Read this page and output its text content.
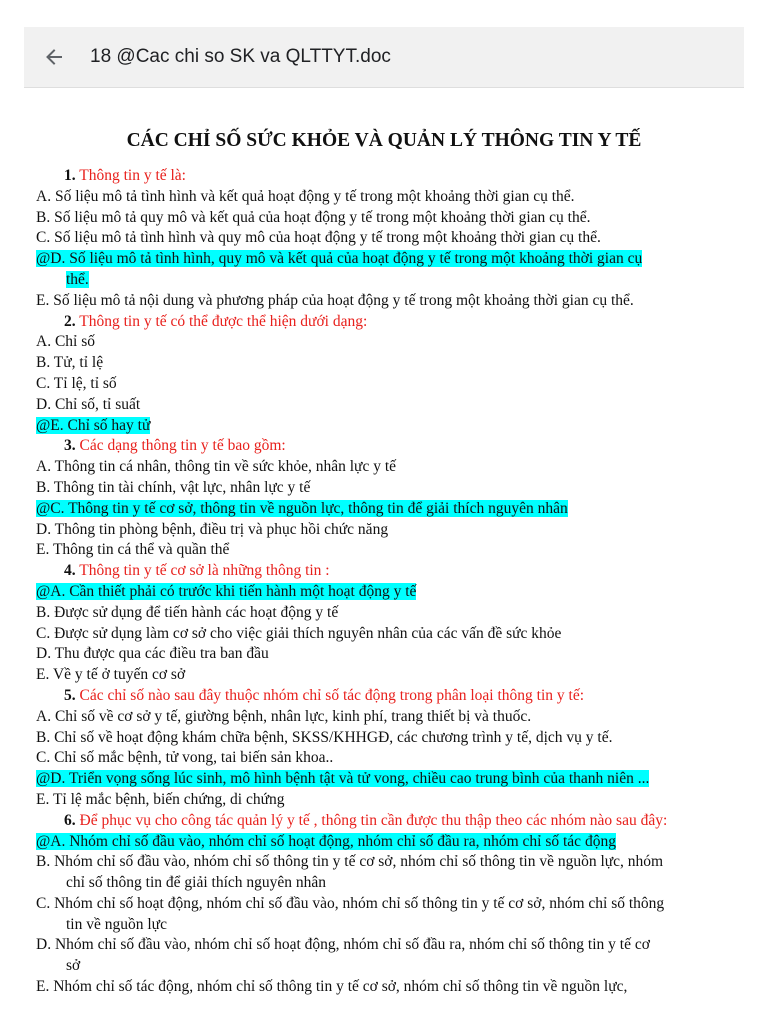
18 @Cac chi so SK va QLTTYT.doc
CÁC CHỈ SỐ SỨC KHỎE VÀ QUẢN LÝ THÔNG TIN Y TẾ
1. Thông tin y tế là:
A. Số liệu mô tả tình hình và kết quả hoạt động y tế trong một khoảng thời gian cụ thể.
B. Số liệu mô tả quy mô và kết quả của hoạt động y tế trong một khoảng thời gian cụ thể.
C. Số liệu mô tả tình hình và quy mô của hoạt động y tế trong một khoảng thời gian cụ thể.
@D. Số liệu mô tả tình hình, quy mô và kết quả của hoạt động y tế trong một khoảng thời gian cụ
thể.
E. Số liệu mô tả nội dung và phương pháp của hoạt động y tế trong một khoảng thời gian cụ thể.
2. Thông tin y tế có thể được thể hiện dưới dạng:
A. Chỉ số
B. Tử, tỉ lệ
C. Tỉ lệ, tỉ số
D. Chỉ số, tỉ suất
@E. Chỉ số hay tử
3. Các dạng thông tin y tế bao gồm:
A. Thông tin cá nhân, thông tin về sức khỏe, nhân lực y tế
B. Thông tin tài chính, vật lực, nhân lực y tế
@C. Thông tin y tế cơ sở, thông tin về nguồn lực, thông tin để giải thích nguyên nhân
D. Thông tin phòng bệnh, điều trị và phục hồi chức năng
E. Thông tin cá thể và quần thể
4. Thông tin y tế cơ sở là những thông tin :
@A. Cần thiết phải có trước khi tiến hành một hoạt động y tế
B. Được sử dụng để tiến hành các hoạt động y tế
C. Được sử dụng làm cơ sở cho việc giải thích nguyên nhân của các vấn đề sức khỏe
D. Thu được qua các điều tra ban đầu
E. Về y tế ở tuyến cơ sở
5. Các chỉ số nào sau đây thuộc nhóm chỉ số tác động trong phân loại thông tin y tế:
A. Chỉ số về cơ sở y tế, giường bệnh, nhân lực, kinh phí, trang thiết bị và thuốc.
B. Chỉ số về hoạt động khám chữa bệnh, SKSS/KHHGĐ, các chương trình y tế, dịch vụ y tế.
C. Chỉ số mắc bệnh, tử vong, tai biến sản khoa..
@D. Triển vọng sống lúc sinh, mô hình bệnh tật và tử vong, chiều cao trung bình của thanh niên ...
E. Tỉ lệ mắc bệnh, biến chứng, di chứng
6. Để phục vụ cho công tác quản lý y tế , thông tin cần được thu thập theo các nhóm nào sau đây:
@A. Nhóm chỉ số đầu vào, nhóm chỉ số hoạt động, nhóm chỉ số đầu ra, nhóm chỉ số tác động
B. Nhóm chỉ số đầu vào, nhóm chỉ số thông tin y tế cơ sở, nhóm chỉ số thông tin về nguồn lực, nhóm
chỉ số thông tin để giải thích nguyên nhân
C. Nhóm chỉ số hoạt động, nhóm chỉ số đầu vào, nhóm chỉ số thông tin y tế cơ sở, nhóm chỉ số thông
tin về nguồn lực
D. Nhóm chỉ số đầu vào, nhóm chỉ số hoạt động, nhóm chỉ số đầu ra, nhóm chỉ số thông tin y tế cơ
sở
E. Nhóm chỉ số tác động, nhóm chỉ số thông tin y tế cơ sở, nhóm chỉ số thông tin về nguồn lực,
